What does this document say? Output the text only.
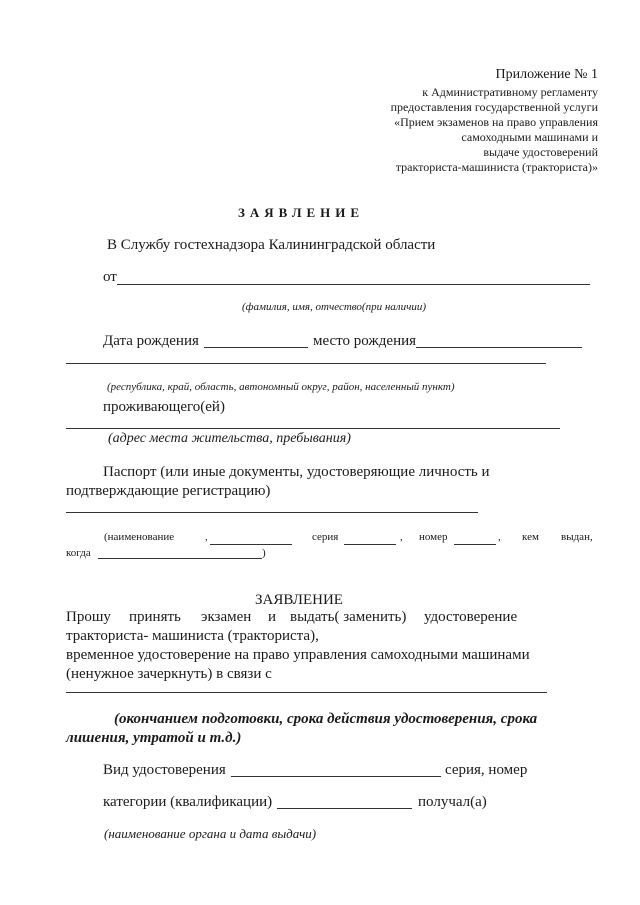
Приложение № 1
к Административному регламенту
предоставления государственной услуги
«Прием экзаменов на право управления
самоходными машинами и
выдаче удостоверений
тракториста-машиниста (тракториста)»
ЗАЯВЛЕНИЕ
В Службу гостехнадзора Калининградской области
от
(фамилия, имя, отчество(при наличии)
Дата рождения	место рождения
(республика, край, область, автономный округ, район, населенный пункт)
проживающего(ей)
(адрес места жительства, пребывания)
Паспорт (или иные документы, удостоверяющие личность и
подтверждающие регистрацию)
(наименование	,	серия	, номер	, кем выдан,
когда	)
ЗАЯВЛЕНИЕ
Прошу принять экзамен и выдать( заменить) удостоверение
тракториста- машиниста (тракториста),
временное удостоверение на право управления самоходными машинами
(ненужное зачеркнуть) в связи с
(окончанием подготовки, срока действия удостоверения, срока
лишения, утратой и т.д.)
Вид удостоверения	серия, номер
категории (квалификации)	получал(а)
(наименование органа и дата выдачи)
